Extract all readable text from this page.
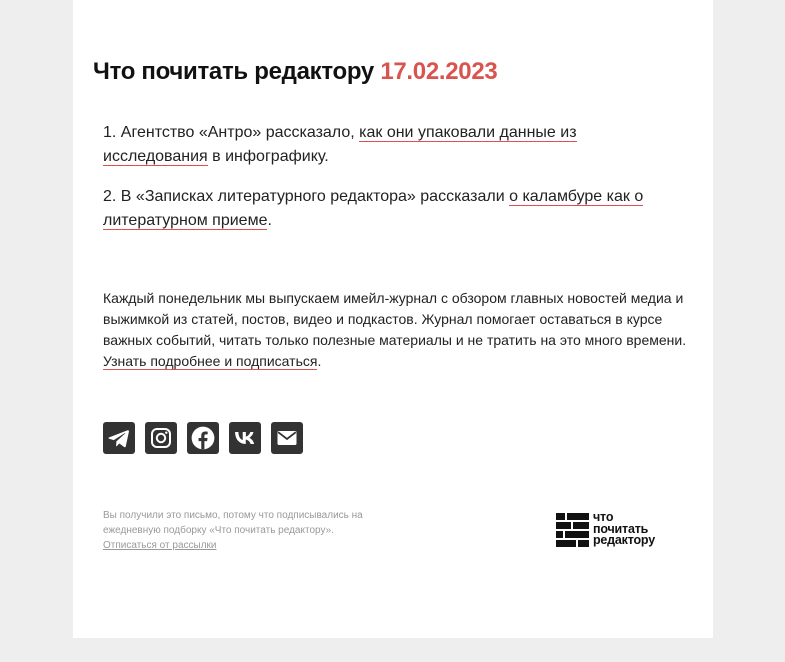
Что почитать редактору 17.02.2023
1. Агентство «Антро» рассказало, как они упаковали данные из исследования в инфографику.
2. В «Записках литературного редактора» рассказали о каламбуре как о литературном приеме.

Каждый понедельник мы выпускаем имейл-журнал с обзором главных новостей медиа и выжимкой из статей, постов, видео и подкастов. Журнал помогает оставаться в курсе важных событий, читать только полезные материалы и не тратить на это много времени. Узнать подробнее и подписаться.

Вы получили это письмо, потому что подписывались на ежедневную подборку «Что почитать редактору».
Отписаться от рассылки

что
почитать
редактору
